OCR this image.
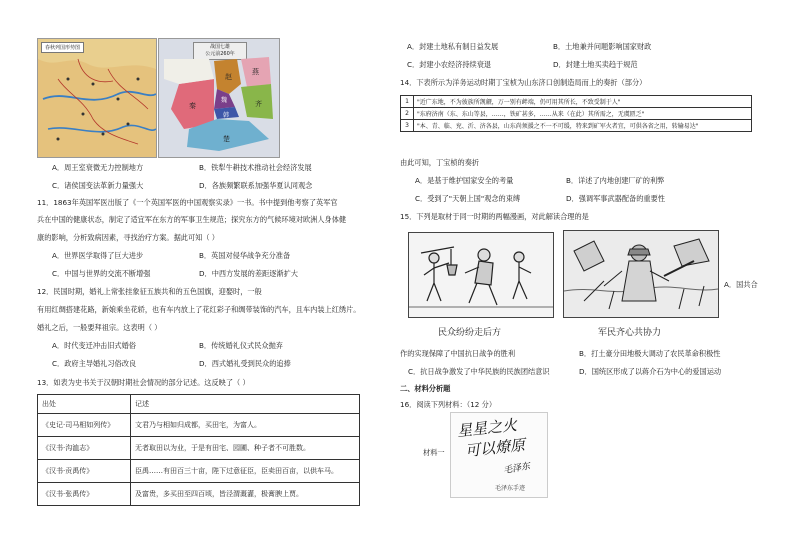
春秋列国形势图	战国七雄
公元前260年
赵
魏
韩
秦
楚
齐
燕
A．周王室衰微无力控制地方	B．铁犁牛耕技术推动社会经济发展
C．诸侯国变法革新力量强大	D．各族频繁联系加强华夏认同观念
11．1863年英国军医出版了《一个英国军医的中国观察实录》一书。书中提到他考察了英军官
兵在中国的健康状态，制定了适宜军在东方的军事卫生规范；探究东方的气候环境对欧洲人身体健
康的影响，分析致病因素，寻找治疗方案。据此可知（ ）
A．世界医学取得了巨大进步	B．英国对侵华战争充分准备
C．中国与世界的交流不断增强	D．中西方发展的差距逐渐扩大
12．民国时期，婚礼上常张挂象征五族共和的五色国旗，迎娶时，一般
有用红绸搭建花路，新娘乘坐花轿，也有车内放上了花红彩子和绸带装饰的汽车，且车内装上红绣片。
婚礼之后，一般要拜祖宗。这表明（ ）
A．时代变迁冲击旧式婚俗	B．传统婚礼仪式民众抛弃
C．政府主导婚礼习俗改良	D．西式婚礼受到民众的追捧
13．如表为史书关于汉朝时期社会情况的部分记述。这反映了（ ）
出处	记述
《史记·司马相如列传》	文君乃与相如归成都，买田宅，为富人。
《汉书·沟洫志》	无者取田以为业，于是有田宅、园圃、种子者不可胜数。
《汉书·贡禹传》	臣禹……有田百三十亩，陛下过意征臣，臣卖田百亩，以供车马。
《汉书·张禹传》	及富贵，多买田至四百顷，皆泾渭溉灌，极膏腴上贾。
A．封建土地私有制日益发展	B．土地兼并问题影响国家财政
C．封建小农经济持续衰退	D．封建土地买卖趋于规范
14．下表所示为洋务运动时期丁宝桢为山东济口创制造局而上的奏折（部分）
1	"近广东地，不为彼族所觊觎，万一别有衅端，仍可用其所长，不致受制于人"
2	"东府济南（东、东山等县，……，铁矿甚多，……从来（在此）其所需之，无虞匮乏"
3	"本、青、临、兖、沂、济各县，山东尚须援之不一不可缓，特来到矿军火者宜，可供各省之用，转输易达"
由此可知，丁宝桢的奏折
A．是基于维护国家安全的考量	B．详述了内地创建厂矿的利弊
C．受到了"天朝上国"观念的束缚	D．强调军事武器配备的重要性
15．下列是取材于同一时期的两幅漫画，对此解读合理的是
民众纷纷走后方	军民齐心共协力
A．国共合
作的实现保障了中国抗日战争的胜利	B．打土豪分田地极大调动了农民革命积极性
C．抗日战争激发了中华民族的民族团结意识	D．国统区形成了以蒋介石为中心的爱国运动
二、材料分析题
16．阅读下列材料：（12 分）
材料一
星星之火
可以燎原
毛泽东
毛泽东手迹
